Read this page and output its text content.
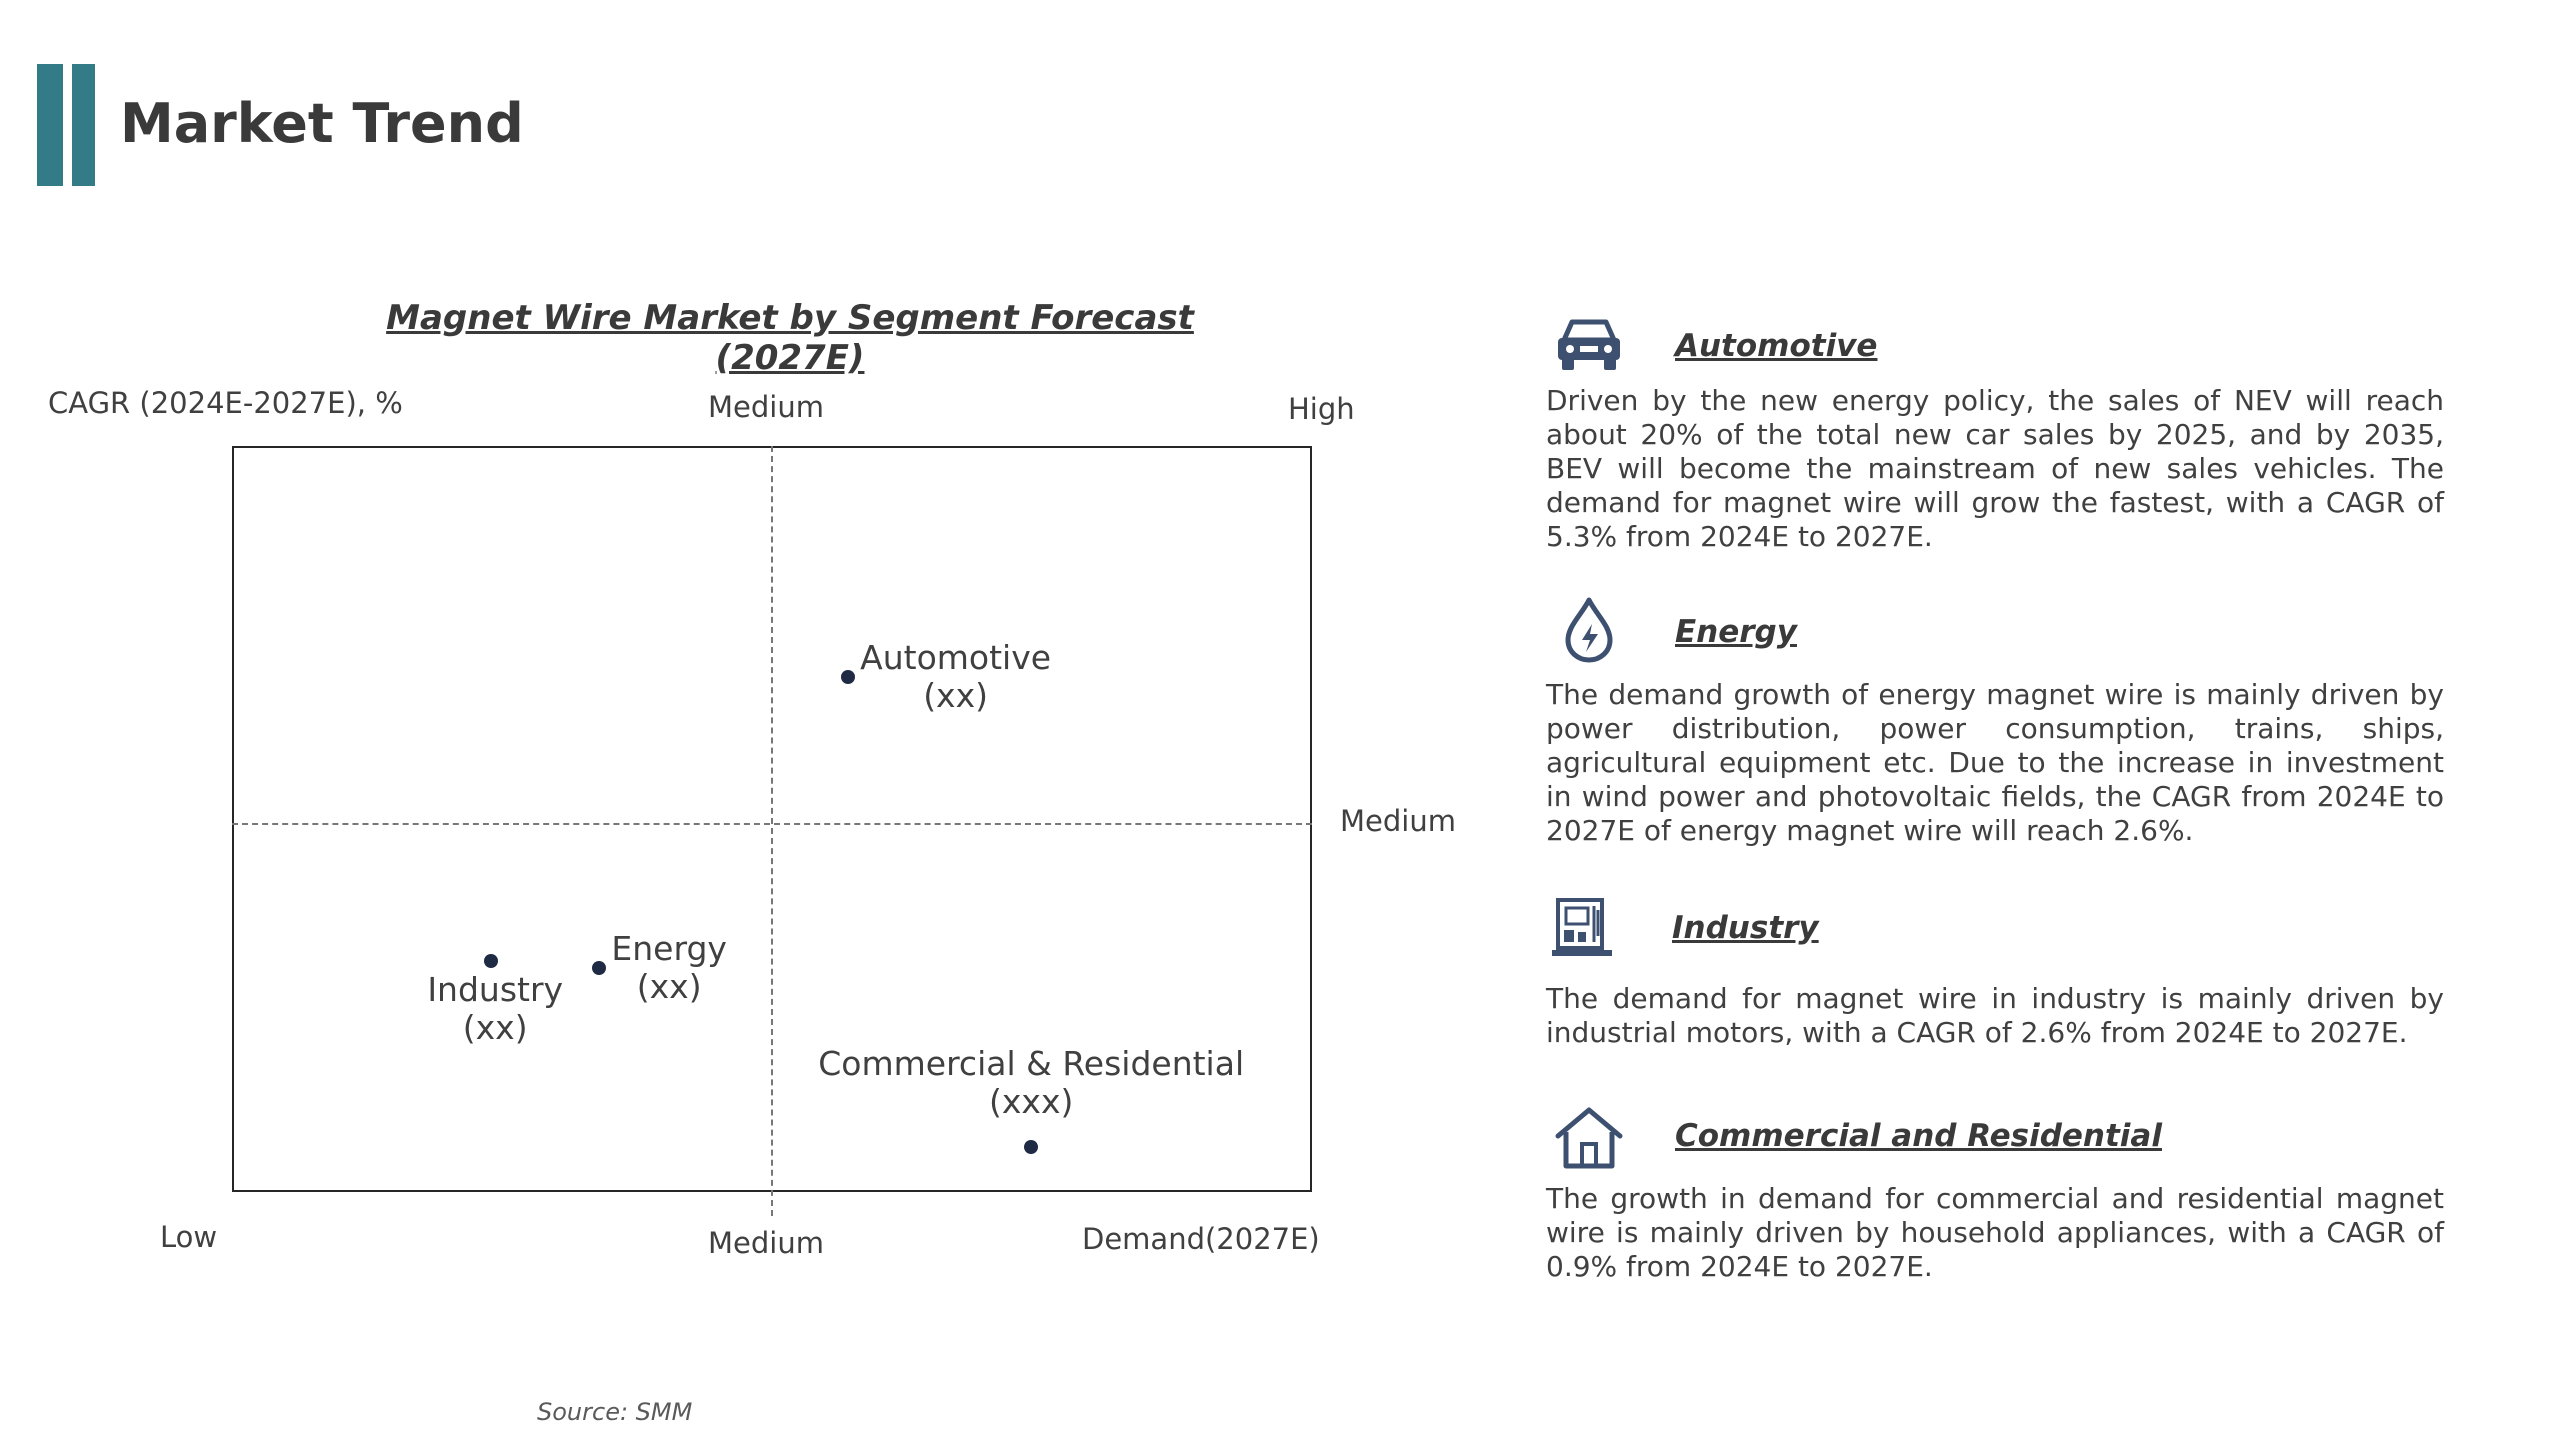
Market Trend
Magnet Wire Market by Segment Forecast
(2027E)
CAGR (2024E-2027E), %	Medium	High
Medium
Low	Medium	Demand(2027E)
Source: SMM
Automotive
Driven by the new energy policy, the sales of NEV will reach about 20% of the total new car sales by 2025, and by 2035, BEV will become the mainstream of new sales vehicles. The demand for magnet wire will grow the fastest, with a CAGR of 5.3% from 2024E to 2027E.
Energy
The demand growth of energy magnet wire is mainly driven by power distribution, power consumption, trains, ships, agricultural equipment etc. Due to the increase in investment in wind power and photovoltaic fields, the CAGR from 2024E to 2027E of energy magnet wire will reach 2.6%.
Industry
The demand for magnet wire in industry is mainly driven by industrial motors, with a CAGR of 2.6% from 2024E to 2027E.
Commercial and Residential
The growth in demand for commercial and residential magnet wire is mainly driven by household appliances, with a CAGR of 0.9% from 2024E to 2027E.
Automotive
(xx)
Energy
(xx)
Industry
(xx)
Commercial & Residential
(xxx)
